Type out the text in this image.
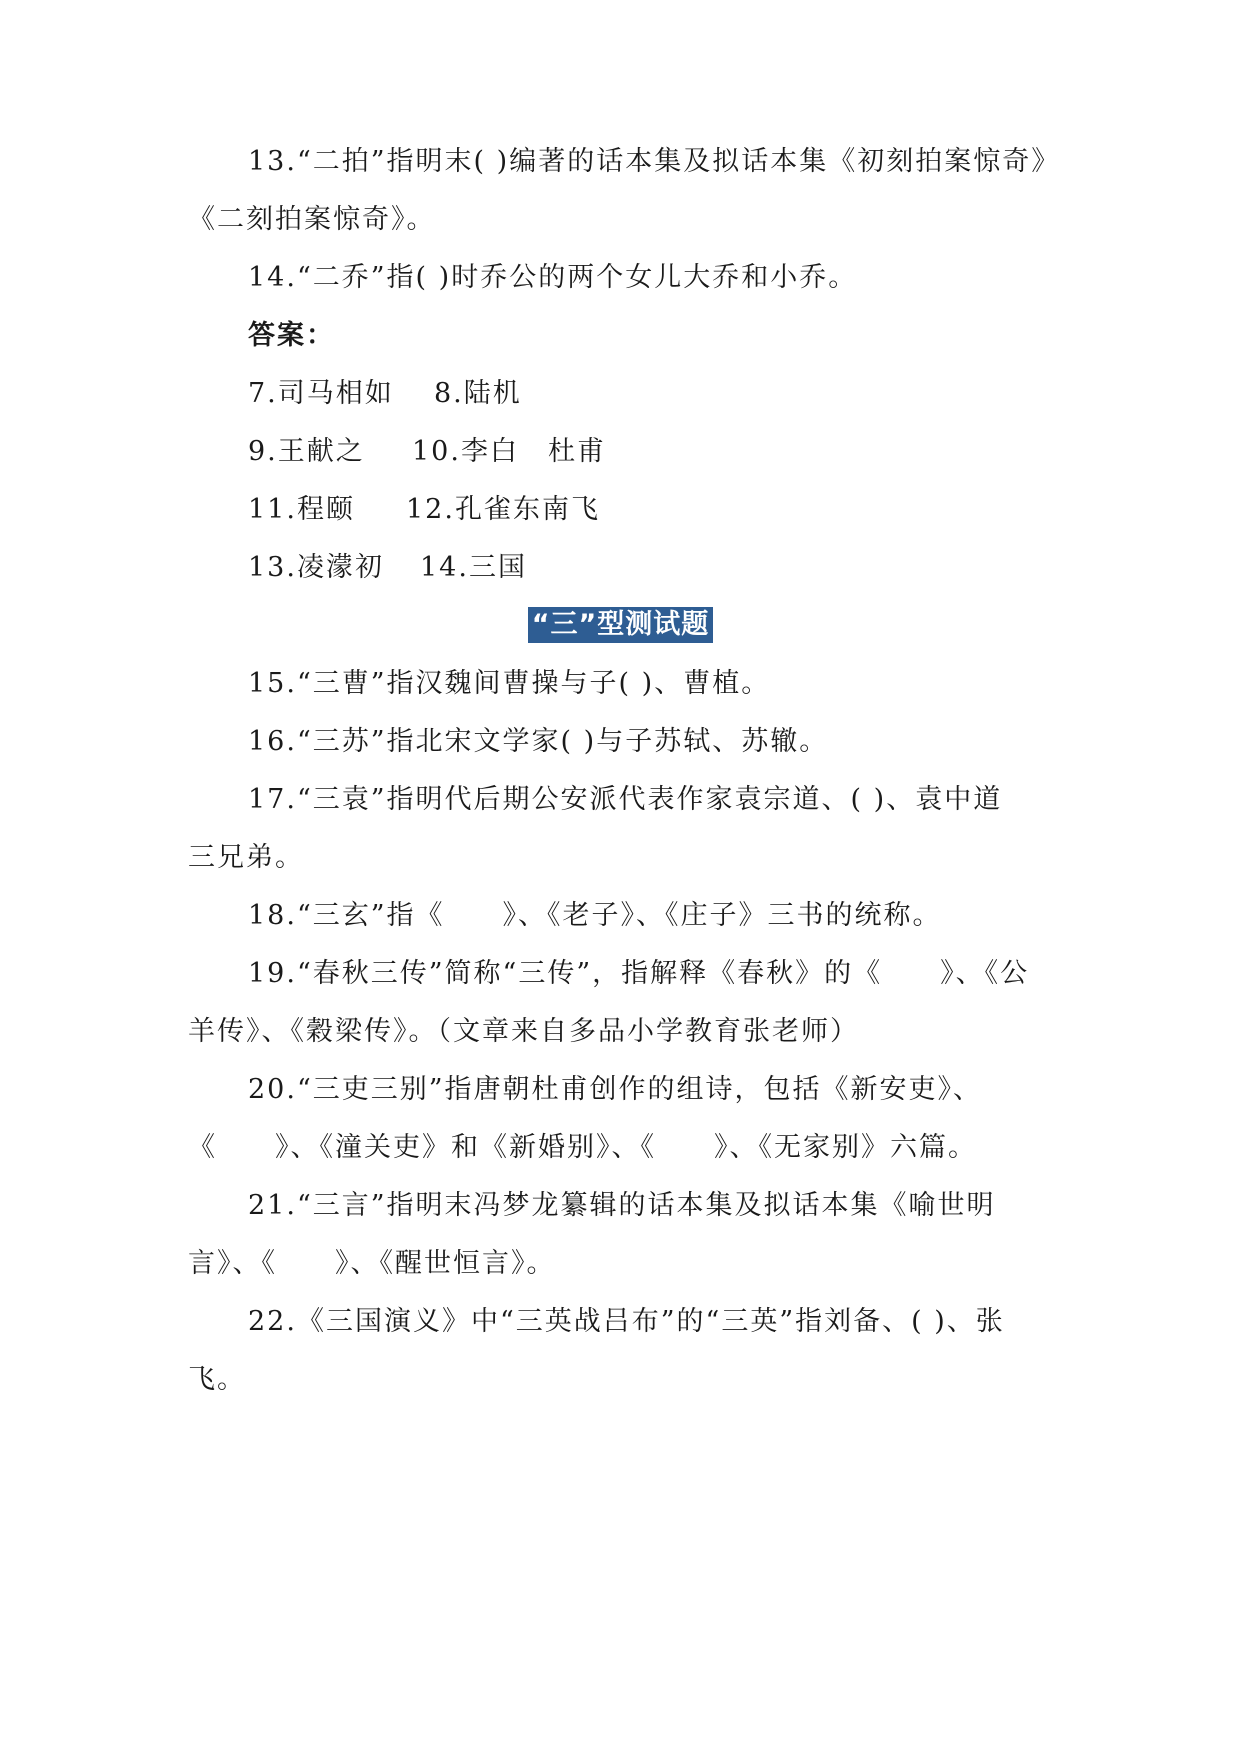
13.“二拍”指明末( )编著的话本集及拟话本集《初刻拍案惊奇》
《二刻拍案惊奇》。
14.“二乔”指( )时乔公的两个女儿大乔和小乔。
答案：
7.司马相如 8.陆机
9.王献之 10.李白　杜甫
11.程颐 12.孔雀东南飞
13.凌濛初 14.三国
“三”型测试题
15.“三曹”指汉魏间曹操与子( )、曹植。
16.“三苏”指北宋文学家( )与子苏轼、苏辙。
17.“三袁”指明代后期公安派代表作家袁宗道、( )、袁中道
三兄弟。
18.“三玄”指《　　》、《老子》、《庄子》三书的统称。
19.“春秋三传”简称“三传”，指解释《春秋》的《　　》、《公
羊传》、《穀梁传》。（文章来自多品小学教育张老师）
20.“三吏三别”指唐朝杜甫创作的组诗，包括《新安吏》、
《　　》、《潼关吏》和《新婚别》、《　　》、《无家别》六篇。
21.“三言”指明末冯梦龙纂辑的话本集及拟话本集《喻世明
言》、《　　》、《醒世恒言》。
22.《三国演义》中“三英战吕布”的“三英”指刘备、( )、张
飞。
